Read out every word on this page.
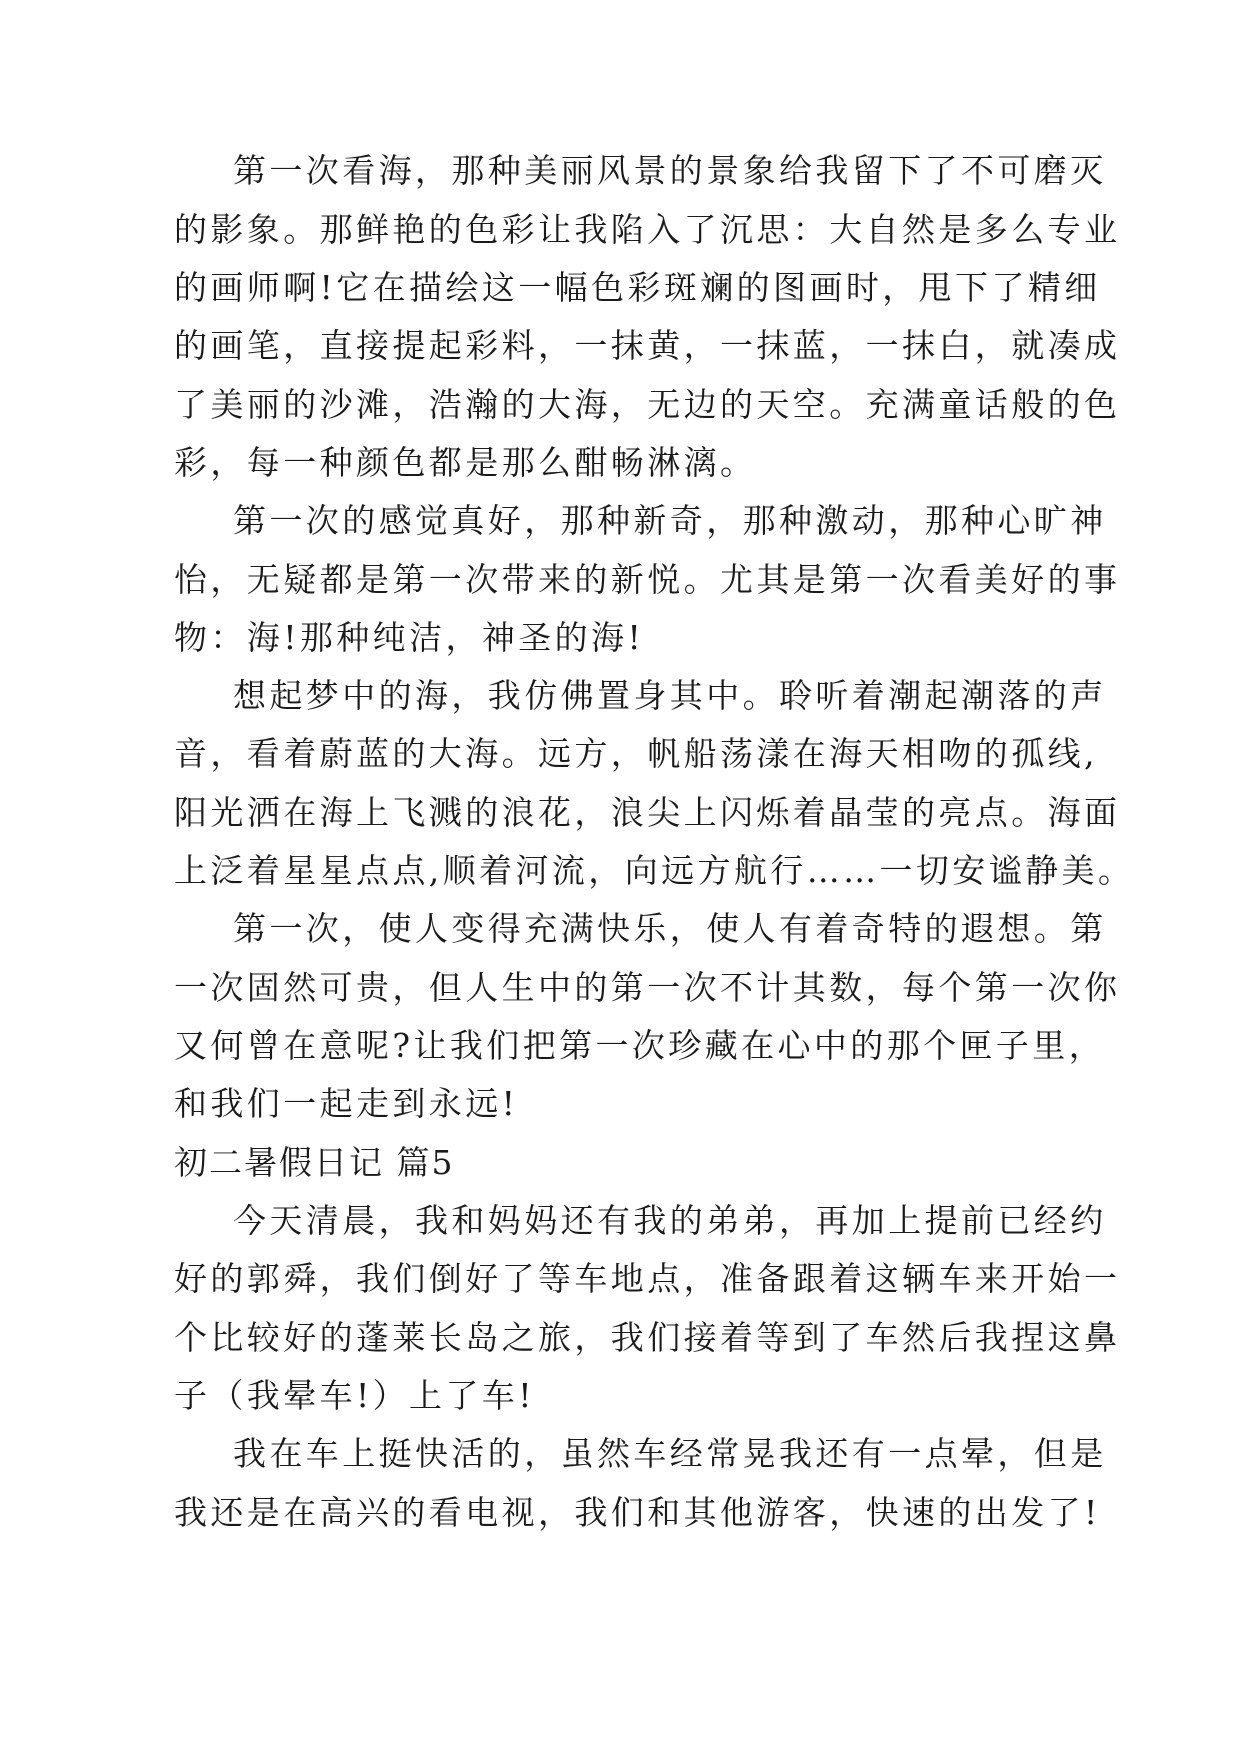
第一次看海，那种美丽风景的景象给我留下了不可磨灭
的影象。那鲜艳的色彩让我陷入了沉思：大自然是多么专业
的画师啊!它在描绘这一幅色彩斑斓的图画时，甩下了精细
的画笔，直接提起彩料，一抹黄，一抹蓝，一抹白，就凑成
了美丽的沙滩，浩瀚的大海，无边的天空。充满童话般的色
彩，每一种颜色都是那么酣畅淋漓。
第一次的感觉真好，那种新奇，那种激动，那种心旷神
怡，无疑都是第一次带来的新悦。尤其是第一次看美好的事
物：海!那种纯洁，神圣的海!
想起梦中的海，我仿佛置身其中。聆听着潮起潮落的声
音，看着蔚蓝的大海。远方，帆船荡漾在海天相吻的孤线,
阳光洒在海上飞溅的浪花，浪尖上闪烁着晶莹的亮点。海面
上泛着星星点点,顺着河流，向远方航行……一切安谧静美。
第一次，使人变得充满快乐，使人有着奇特的遐想。第
一次固然可贵，但人生中的第一次不计其数，每个第一次你
又何曾在意呢?让我们把第一次珍藏在心中的那个匣子里，
和我们一起走到永远!
初二暑假日记 篇5
今天清晨，我和妈妈还有我的弟弟，再加上提前已经约
好的郭舜，我们倒好了等车地点，准备跟着这辆车来开始一
个比较好的蓬莱长岛之旅，我们接着等到了车然后我捏这鼻
子（我晕车!）上了车!
我在车上挺快活的，虽然车经常晃我还有一点晕，但是
我还是在高兴的看电视，我们和其他游客，快速的出发了!
